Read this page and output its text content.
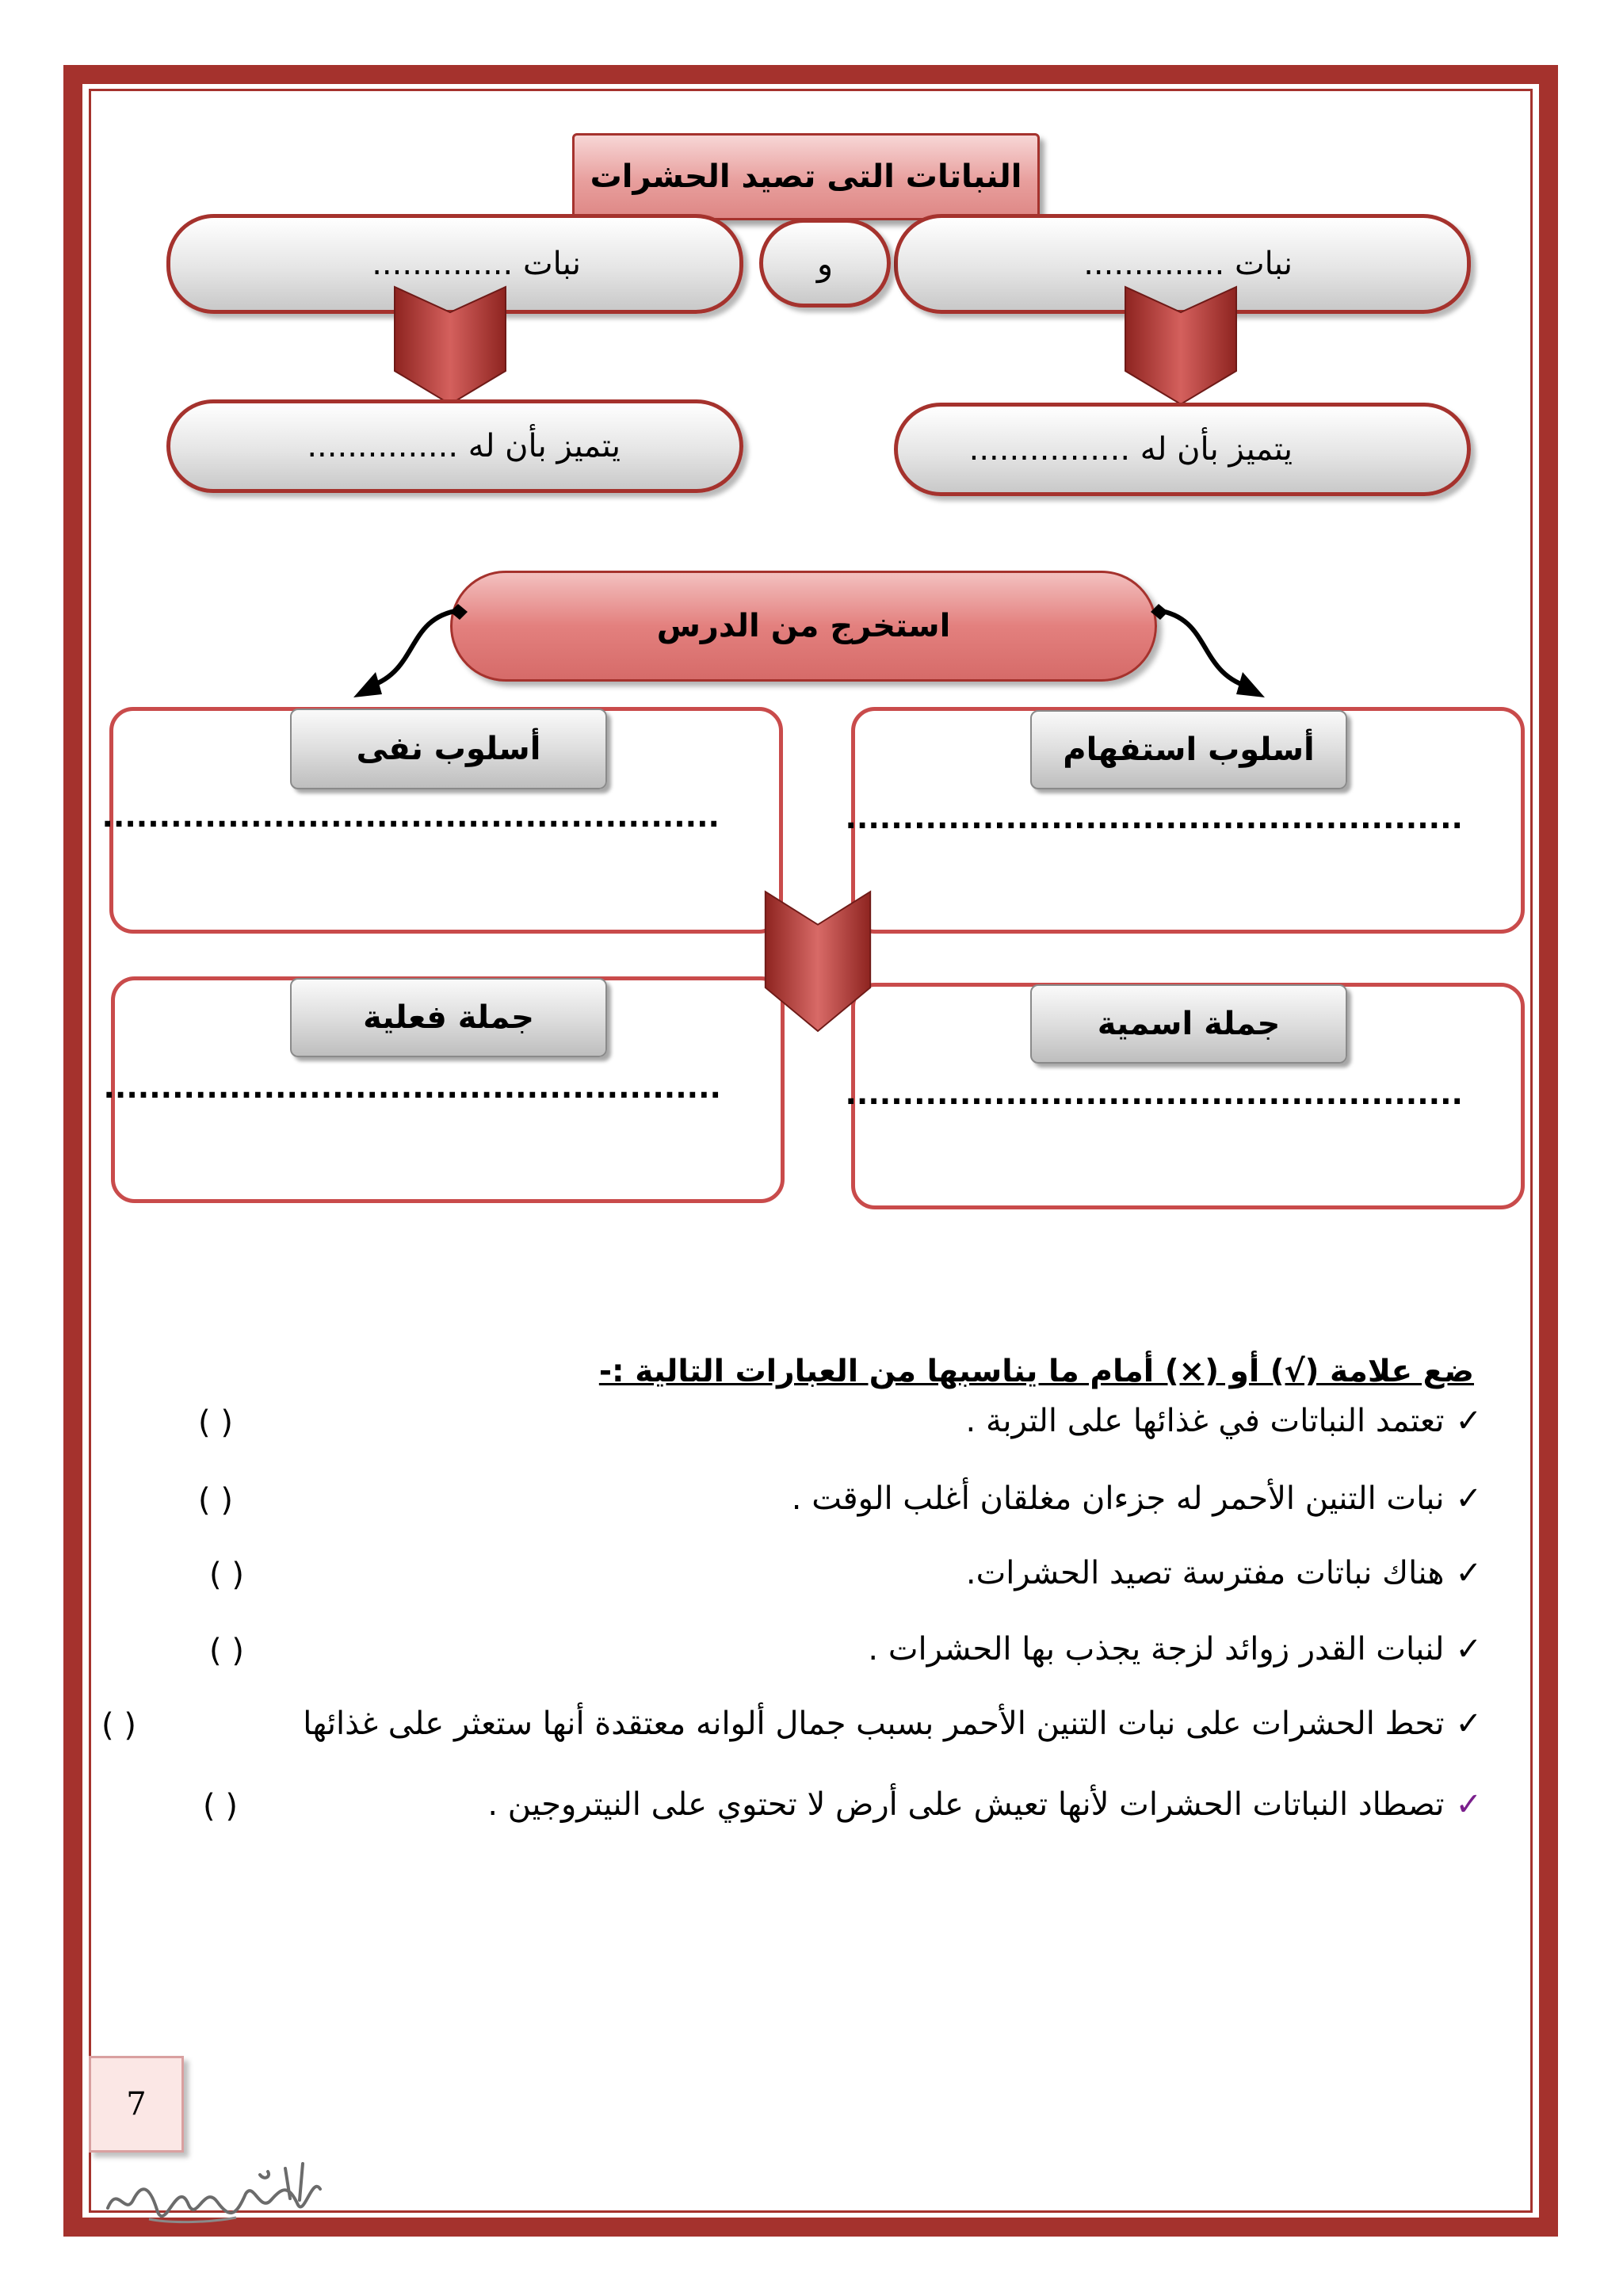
النباتات التى تصيد الحشرات
نبات ..............
و
نبات ..............
يتميز بأن له ................
يتميز بأن له ...............
استخرج من الدرس
أسلوب استفهام
أسلوب نفى
جملة اسمية
جملة فعلية
......................................................
......................................................
......................................................
......................................................
ضع علامة (√) أو (×) أمام ما يناسبها من العبارات التالية :-
✓
تعتمد النباتات في غذائها على التربة .
( )
✓
نبات التنين الأحمر له جزءان مغلقان أغلب الوقت .
( )
✓
هناك نباتات مفترسة تصيد الحشرات.
( )
✓
لنبات القدر زوائد لزجة يجذب بها الحشرات .
( )
✓
تحط الحشرات على نبات التنين الأحمر بسبب جمال ألوانه معتقدة أنها ستعثر على غذائها
( )
✓
تصطاد النباتات الحشرات لأنها تعيش على أرض لا تحتوي على النيتروجين .
( )
7
